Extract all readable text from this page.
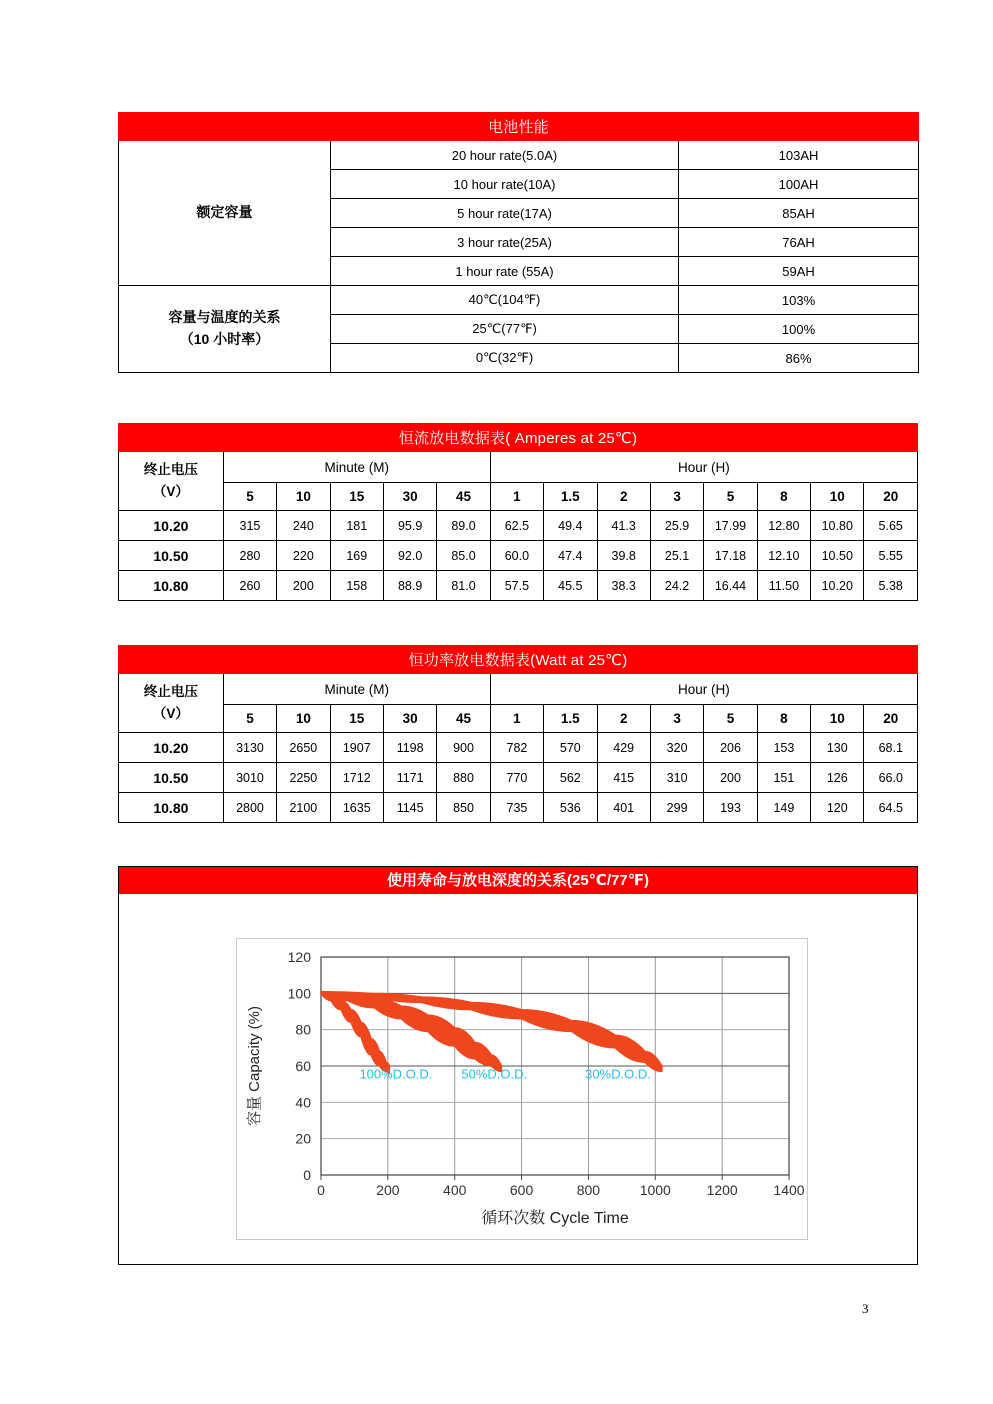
电池性能		

额定容量	20 hour rate(5.0A)	103AH
	10 hour rate(10A)	100AH
	5 hour rate(17A)	85AH
	3 hour rate(25A)	76AH
	1 hour rate (55A)	59AH

容量与温度的关系
（10 小时率）	40℃(104℉)	103%
	25℃(77℉)	100%
	0℃(32℉)	86%
恒流放电数据表( Amperes at 25℃)													

终止电压
（V）	Minute (M)					Hour (H)							
	5	10	15	30	45	1	1.5	2	3	5	8	10	20
10.20	315	240	181	95.9	89.0	62.5	49.4	41.3	25.9	17.99	12.80	10.80	5.65
10.50	280	220	169	92.0	85.0	60.0	47.4	39.8	25.1	17.18	12.10	10.50	5.55
10.80	260	200	158	88.9	81.0	57.5	45.5	38.3	24.2	16.44	11.50	10.20	5.38
恒功率放电数据表(Watt at 25℃)													

终止电压
（V）	Minute (M)					Hour (H)							
	5	10	15	30	45	1	1.5	2	3	5	8	10	20
10.20	3130	2650	1907	1198	900	782	570	429	320	206	153	130	68.1
10.50	3010	2250	1712	1171	880	770	562	415	310	200	151	126	66.0
10.80	2800	2100	1635	1145	850	735	536	401	299	193	149	120	64.5
使用寿命与放电深度的关系(25℃/77℉)
0	200	400	600	800	1000	1200	1400
0
20
40
60
80
100
120
容量 Capacity (%)
循环次数 Cycle Time
100%D.O.D. 50%D.O.D.	30%D.O.D.
3
